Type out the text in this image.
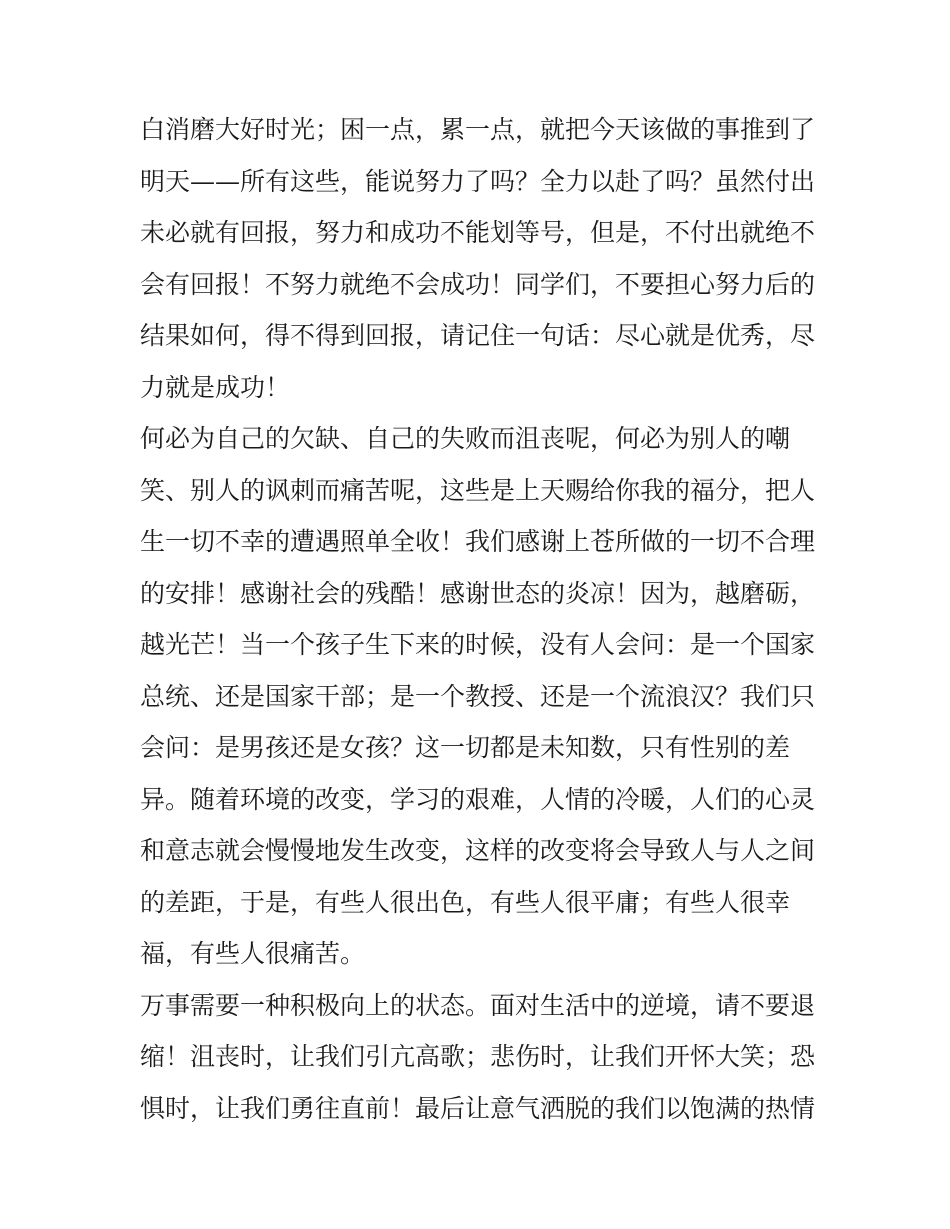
白消磨大好时光；困一点，累一点，就把今天该做的事推到了
明天——所有这些，能说努力了吗？全力以赴了吗？虽然付出
未必就有回报，努力和成功不能划等号，但是，不付出就绝不
会有回报！不努力就绝不会成功！同学们，不要担心努力后的
结果如何，得不得到回报，请记住一句话：尽心就是优秀，尽
力就是成功！
何必为自己的欠缺、自己的失败而沮丧呢，何必为别人的嘲
笑、别人的讽刺而痛苦呢，这些是上天赐给你我的福分，把人
生一切不幸的遭遇照单全收！我们感谢上苍所做的一切不合理
的安排！感谢社会的残酷！感谢世态的炎凉！因为，越磨砺，
越光芒！当一个孩子生下来的时候，没有人会问：是一个国家
总统、还是国家干部；是一个教授、还是一个流浪汉？我们只
会问：是男孩还是女孩？这一切都是未知数，只有性别的差
异。随着环境的改变，学习的艰难，人情的冷暖，人们的心灵
和意志就会慢慢地发生改变，这样的改变将会导致人与人之间
的差距，于是，有些人很出色，有些人很平庸；有些人很幸
福，有些人很痛苦。
万事需要一种积极向上的状态。面对生活中的逆境，请不要退
缩！沮丧时，让我们引亢高歌；悲伤时，让我们开怀大笑；恐
惧时，让我们勇往直前！最后让意气洒脱的我们以饱满的热情
